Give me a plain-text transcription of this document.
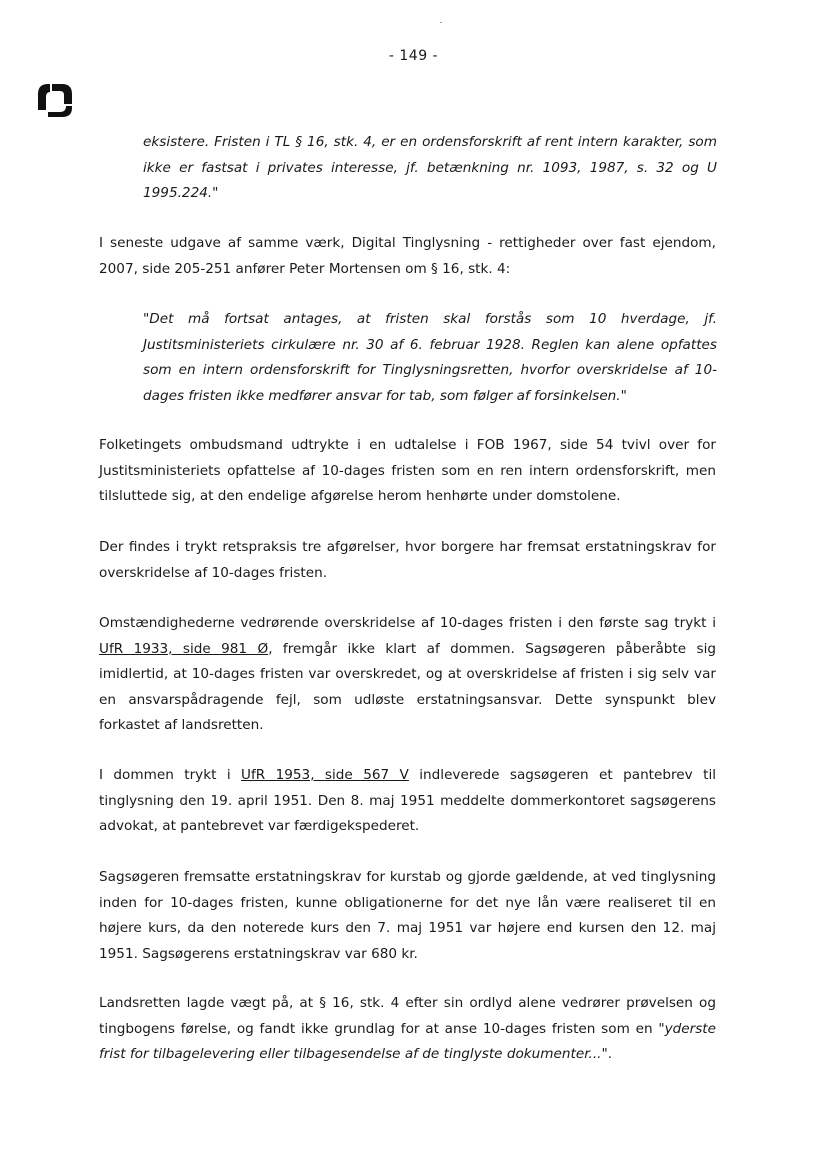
- 149 -
eksistere. Fristen i TL § 16, stk. 4, er en ordensforskrift af rent intern karakter, som ikke er fastsat i privates interesse, jf. betænkning nr. 1093, 1987, s. 32 og U 1995.224."
I seneste udgave af samme værk, Digital Tinglysning - rettigheder over fast ejendom, 2007, side 205-251 anfører Peter Mortensen om § 16, stk. 4:
"Det må fortsat antages, at fristen skal forstås som 10 hverdage, jf. Justitsministeriets cirkulære nr. 30 af 6. februar 1928. Reglen kan alene opfattes som en intern ordensforskrift for Tinglysningsretten, hvorfor overskridelse af 10-dages fristen ikke medfører ansvar for tab, som følger af forsinkelsen."
Folketingets ombudsmand udtrykte i en udtalelse i FOB 1967, side 54 tvivl over for Justitsministeriets opfattelse af 10-dages fristen som en ren intern ordensforskrift, men tilsluttede sig, at den endelige afgørelse herom henhørte under domstolene.
Der findes i trykt retspraksis tre afgørelser, hvor borgere har fremsat erstatningskrav for overskridelse af 10-dages fristen.
Omstændighederne vedrørende overskridelse af 10-dages fristen i den første sag trykt i UfR 1933, side 981 Ø, fremgår ikke klart af dommen. Sagsøgeren påberåbte sig imidlertid, at 10-dages fristen var overskredet, og at overskridelse af fristen i sig selv var en ansvarspådragende fejl, som udløste erstatningsansvar. Dette synspunkt blev forkastet af landsretten.
I dommen trykt i UfR 1953, side 567 V indleverede sagsøgeren et pantebrev til tinglysning den 19. april 1951. Den 8. maj 1951 meddelte dommerkontoret sagsøgerens advokat, at pantebrevet var færdigekspederet.
Sagsøgeren fremsatte erstatningskrav for kurstab og gjorde gældende, at ved tinglysning inden for 10-dages fristen, kunne obligationerne for det nye lån være realiseret til en højere kurs, da den noterede kurs den 7. maj 1951 var højere end kursen den 12. maj 1951. Sagsøgerens erstatningskrav var 680 kr.
Landsretten lagde vægt på, at § 16, stk. 4 efter sin ordlyd alene vedrører prøvelsen og tingbogens førelse, og fandt ikke grundlag for at anse 10-dages fristen som en "yderste frist for tilbagelevering eller tilbagesendelse af de tinglyste dokumenter...".
